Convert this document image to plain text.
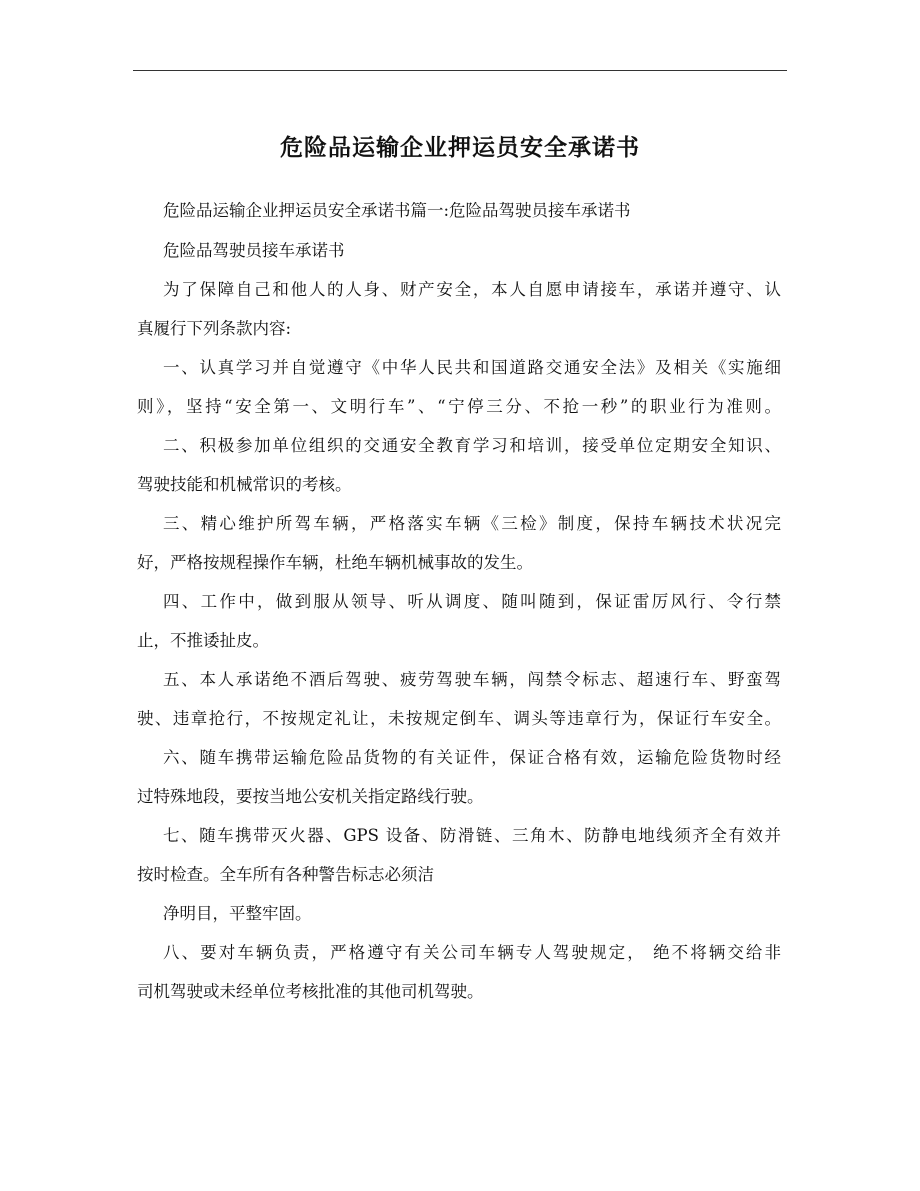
危险品运输企业押运员安全承诺书
危险品运输企业押运员安全承诺书篇一:危险品驾驶员接车承诺书
危险品驾驶员接车承诺书
为了保障自己和他人的人身、财产安全，本人自愿申请接车，承诺并遵守、认
真履行下列条款内容:
一、认真学习并自觉遵守《中华人民共和国道路交通安全法》及相关《实施细
则》，坚持“安全第一、文明行车”、“宁停三分、不抢一秒”的职业行为准则。
二、积极参加单位组织的交通安全教育学习和培训，接受单位定期安全知识、
驾驶技能和机械常识的考核。
三、精心维护所驾车辆，严格落实车辆《三检》制度，保持车辆技术状况完
好，严格按规程操作车辆，杜绝车辆机械事故的发生。
四、工作中，做到服从领导、听从调度、随叫随到，保证雷厉风行、令行禁
止，不推诿扯皮。
五、本人承诺绝不酒后驾驶、疲劳驾驶车辆，闯禁令标志、超速行车、野蛮驾
驶、违章抢行，不按规定礼让，未按规定倒车、调头等违章行为，保证行车安全。
六、随车携带运输危险品货物的有关证件，保证合格有效，运输危险货物时经
过特殊地段，要按当地公安机关指定路线行驶。
七、随车携带灭火器、GPS 设备、防滑链、三角木、防静电地线须齐全有效并
按时检查。全车所有各种警告标志必须洁
净明目，平整牢固。
八、要对车辆负责，严格遵守有关公司车辆专人驾驶规定， 绝不将辆交给非
司机驾驶或未经单位考核批准的其他司机驾驶。
